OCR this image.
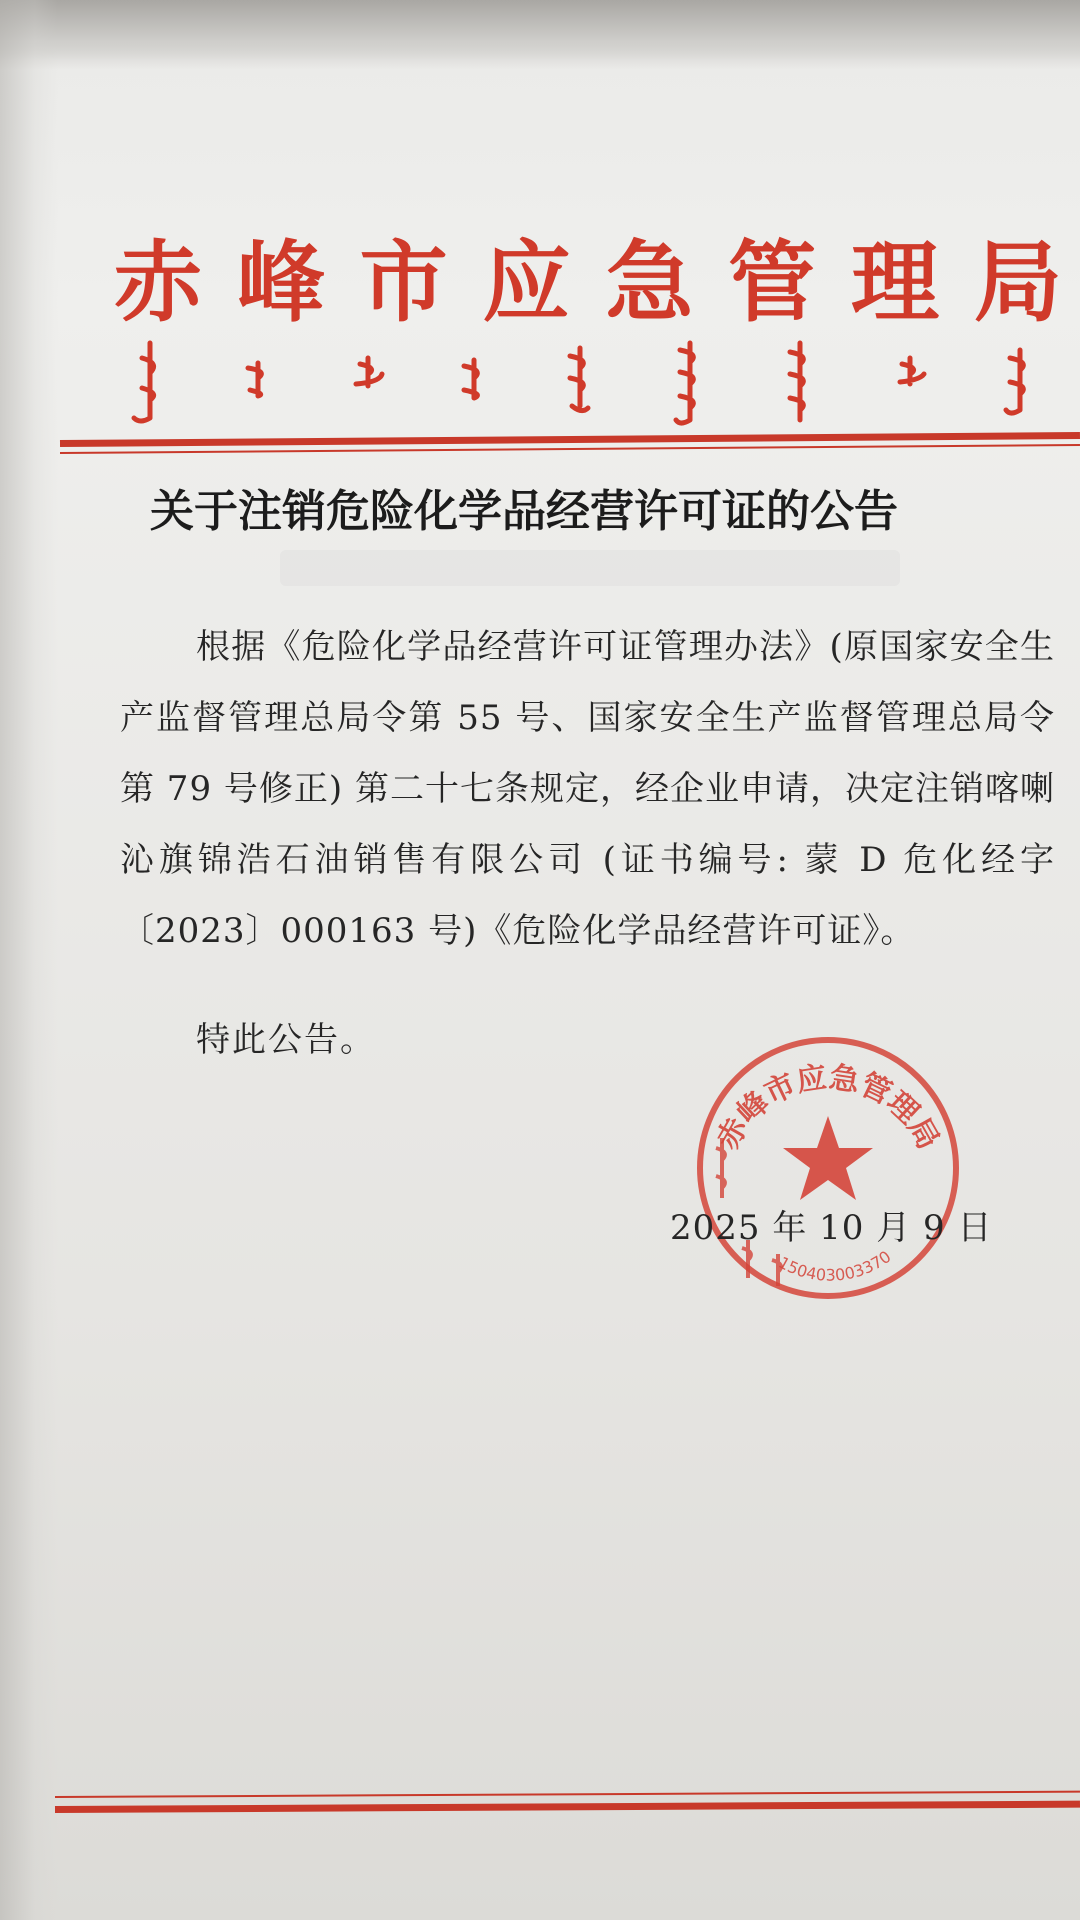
赤 峰 市 应 急 管 理 局
关于注销危险化学品经营许可证的公告
根据《危险化学品经营许可证管理办法》(原国家安全生产监督管理总局令第 55 号、国家安全生产监督管理总局令第 79 号修正) 第二十七条规定，经企业申请，决定注销喀喇沁旗锦浩石油销售有限公司 (证书编号: 蒙 D 危化经字〔2023〕000163 号)《危险化学品经营许可证》。
特此公告。
赤峰市应急管理局
150403003370
2025 年 10 月 9 日
